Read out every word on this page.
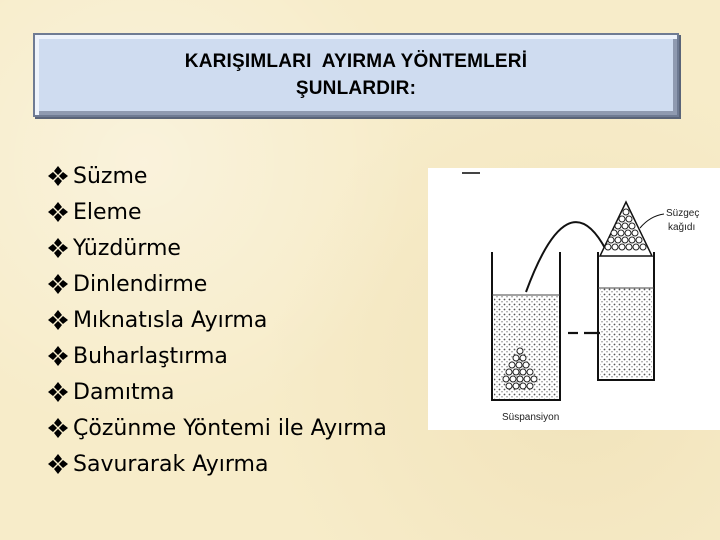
KARIŞIMLARI  AYIRMA YÖNTEMLERİ
ŞUNLARDIR:
Süzme
Eleme
Yüzdürme
Dinlendirme
Mıknatısla Ayırma
Buharlaştırma
Damıtma
Çözünme Yöntemi ile Ayırma
Savurarak Ayırma
Süzgeç
kağıdı
Süspansiyon
